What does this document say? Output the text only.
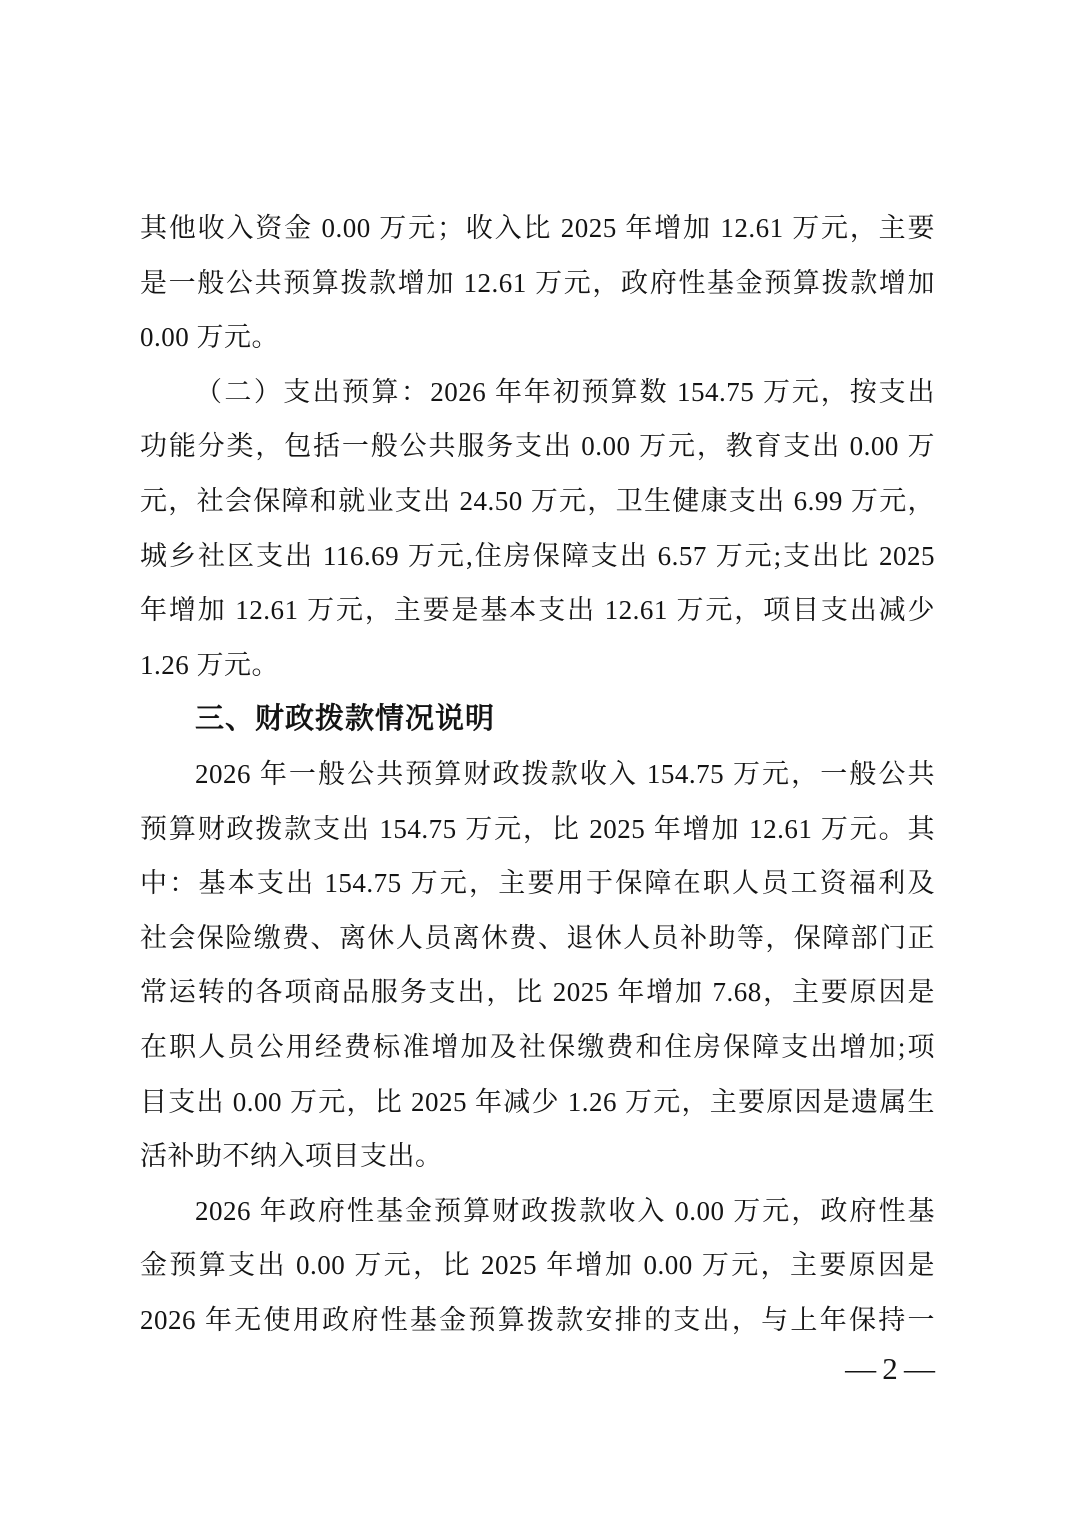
其他收入资金 0.00 万元；收入比 2025 年增加 12.61 万元，主要
是一般公共预算拨款增加 12.61 万元，政府性基金预算拨款增加
0.00 万元。
（二）支出预算：2026 年年初预算数 154.75 万元，按支出
功能分类，包括一般公共服务支出 0.00 万元，教育支出 0.00 万
元，社会保障和就业支出 24.50 万元，卫生健康支出 6.99 万元，
城乡社区支出 116.69 万元,住房保障支出 6.57 万元;支出比 2025
年增加 12.61 万元，主要是基本支出 12.61 万元，项目支出减少
1.26 万元。
三、财政拨款情况说明
2026 年一般公共预算财政拨款收入 154.75 万元，一般公共
预算财政拨款支出 154.75 万元，比 2025 年增加 12.61 万元。其
中：基本支出 154.75 万元，主要用于保障在职人员工资福利及
社会保险缴费、离休人员离休费、退休人员补助等，保障部门正
常运转的各项商品服务支出，比 2025 年增加 7.68，主要原因是
在职人员公用经费标准增加及社保缴费和住房保障支出增加;项
目支出 0.00 万元，比 2025 年减少 1.26 万元，主要原因是遗属生
活补助不纳入项目支出。
2026 年政府性基金预算财政拨款收入 0.00 万元，政府性基
金预算支出 0.00 万元，比 2025 年增加 0.00 万元，主要原因是
2026 年无使用政府性基金预算拨款安排的支出，与上年保持一
— 2 —
